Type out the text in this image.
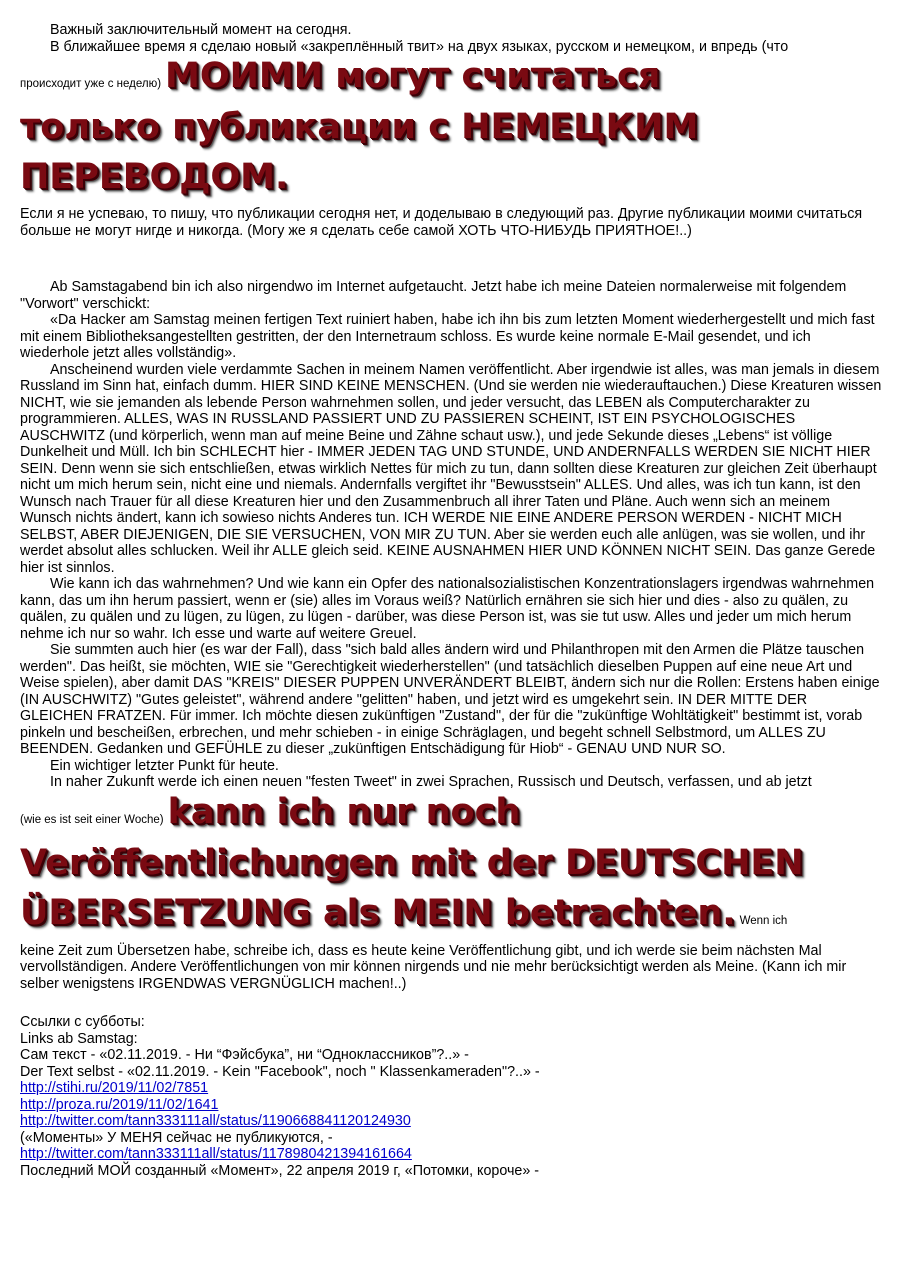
Важный заключительный момент на сегодня.

В ближайшее время я сделаю новый «закреплённый твит» на двух языках, русском и немецком, и впредь (что

происходит уже с неделю) МОИМИ могут считаться
только публикации с НЕМЕЦКИМ
ПЕРЕВОДОМ.

Если я не успеваю, то пишу, что публикации сегодня нет, и доделываю в следующий раз. Другие публикации моими считаться больше не могут нигде и никогда. (Могу же я сделать себе самой ХОТЬ ЧТО-НИБУДЬ ПРИЯТНОЕ!..)

Ab Samstagabend bin ich also nirgendwo im Internet aufgetaucht. Jetzt habe ich meine Dateien normalerweise mit folgendem "Vorwort" verschickt:

«Da Hacker am Samstag meinen fertigen Text ruiniert haben, habe ich ihn bis zum letzten Moment wiederhergestellt und mich fast mit einem Bibliotheksangestellten gestritten, der den Internetraum schloss. Es wurde keine normale E-Mail gesendet, und ich wiederhole jetzt alles vollständig».

Anscheinend wurden viele verdammte Sachen in meinem Namen veröffentlicht. Aber irgendwie ist alles, was man jemals in diesem Russland im Sinn hat, einfach dumm. HIER SIND KEINE MENSCHEN. (Und sie werden nie wiederauftauchen.) Diese Kreaturen wissen NICHT, wie sie jemanden als lebende Person wahrnehmen sollen, und jeder versucht, das LEBEN als Computercharakter zu programmieren. ALLES, WAS IN RUSSLAND PASSIERT UND ZU PASSIEREN SCHEINT, IST EIN PSYCHOLOGISCHES AUSCHWITZ (und körperlich, wenn man auf meine Beine und Zähne schaut usw.), und jede Sekunde dieses „Lebens“ ist völlige Dunkelheit und Müll. Ich bin SCHLECHT hier - IMMER JEDEN TAG UND STUNDE, UND ANDERNFALLS WERDEN SIE NICHT HIER SEIN. Denn wenn sie sich entschließen, etwas wirklich Nettes für mich zu tun, dann sollten diese Kreaturen zur gleichen Zeit überhaupt nicht um mich herum sein, nicht eine und niemals. Andernfalls vergiftet ihr "Bewusstsein" ALLES. Und alles, was ich tun kann, ist den Wunsch nach Trauer für all diese Kreaturen hier und den Zusammenbruch all ihrer Taten und Pläne. Auch wenn sich an meinem Wunsch nichts ändert, kann ich sowieso nichts Anderes tun. ICH WERDE NIE EINE ANDERE PERSON WERDEN - NICHT MICH SELBST, ABER DIEJENIGEN, DIE SIE VERSUCHEN, VON MIR ZU TUN. Aber sie werden euch alle anlügen, was sie wollen, und ihr werdet absolut alles schlucken. Weil ihr ALLE gleich seid. KEINE AUSNAHMEN HIER UND KÖNNEN NICHT SEIN. Das ganze Gerede hier ist sinnlos.

Wie kann ich das wahrnehmen? Und wie kann ein Opfer des nationalsozialistischen Konzentrationslagers irgendwas wahrnehmen kann, das um ihn herum passiert, wenn er (sie) alles im Voraus weiß? Natürlich ernähren sie sich hier und dies - also zu quälen, zu quälen, zu quälen und zu lügen, zu lügen, zu lügen - darüber, was diese Person ist, was sie tut usw. Alles und jeder um mich herum nehme ich nur so wahr. Ich esse und warte auf weitere Greuel.

Sie summten auch hier (es war der Fall), dass "sich bald alles ändern wird und Philanthropen mit den Armen die Plätze tauschen werden". Das heißt, sie möchten, WIE sie "Gerechtigkeit wiederherstellen" (und tatsächlich dieselben Puppen auf eine neue Art und Weise spielen), aber damit DAS "KREIS" DIESER PUPPEN UNVERÄNDERT BLEIBT, ändern sich nur die Rollen: Erstens haben einige (IN AUSCHWITZ) "Gutes geleistet", während andere "gelitten" haben, und jetzt wird es umgekehrt sein. IN DER MITTE DER GLEICHEN FRATZEN. Für immer. Ich möchte diesen zukünftigen "Zustand", der für die "zukünftige Wohltätigkeit" bestimmt ist, vorab pinkeln und bescheißen, erbrechen, und mehr schieben - in einige Schräglagen, und begeht schnell Selbstmord, um ALLES ZU BEENDEN. Gedanken und GEFÜHLE zu dieser „zukünftigen Entschädigung für Hiob“ - GENAU UND NUR SO.

Ein wichtiger letzter Punkt für heute.

In naher Zukunft werde ich einen neuen "festen Tweet" in zwei Sprachen, Russisch und Deutsch, verfassen, und ab jetzt

(wie es ist seit einer Woche) kann ich nur noch
Veröffentlichungen mit der DEUTSCHEN
ÜBERSETZUNG als MEIN betrachten. Wenn ich

keine Zeit zum Übersetzen habe, schreibe ich, dass es heute keine Veröffentlichung gibt, und ich werde sie beim nächsten Mal vervollständigen. Andere Veröffentlichungen von mir können nirgends und nie mehr berücksichtigt werden als Meine. (Kann ich mir selber wenigstens IRGENDWAS VERGNÜGLICH machen!..)

Ссылки с субботы:

Links ab Samstag:

Сам текст - «02.11.2019. - Ни “Фэйсбука”, ни “Одноклассников”?..» -

Der Text selbst - «02.11.2019. - Kein "Facebook", noch " Klassenkameraden"?..» -

http://stihi.ru/2019/11/02/7851

http://proza.ru/2019/11/02/1641

http://twitter.com/tann333111all/status/1190668841120124930

(«Моменты» У МЕНЯ сейчас не публикуются, -

http://twitter.com/tann333111all/status/1178980421394161664

Последний МОЙ созданный «Момент», 22 апреля 2019 г, «Потомки, короче» -
